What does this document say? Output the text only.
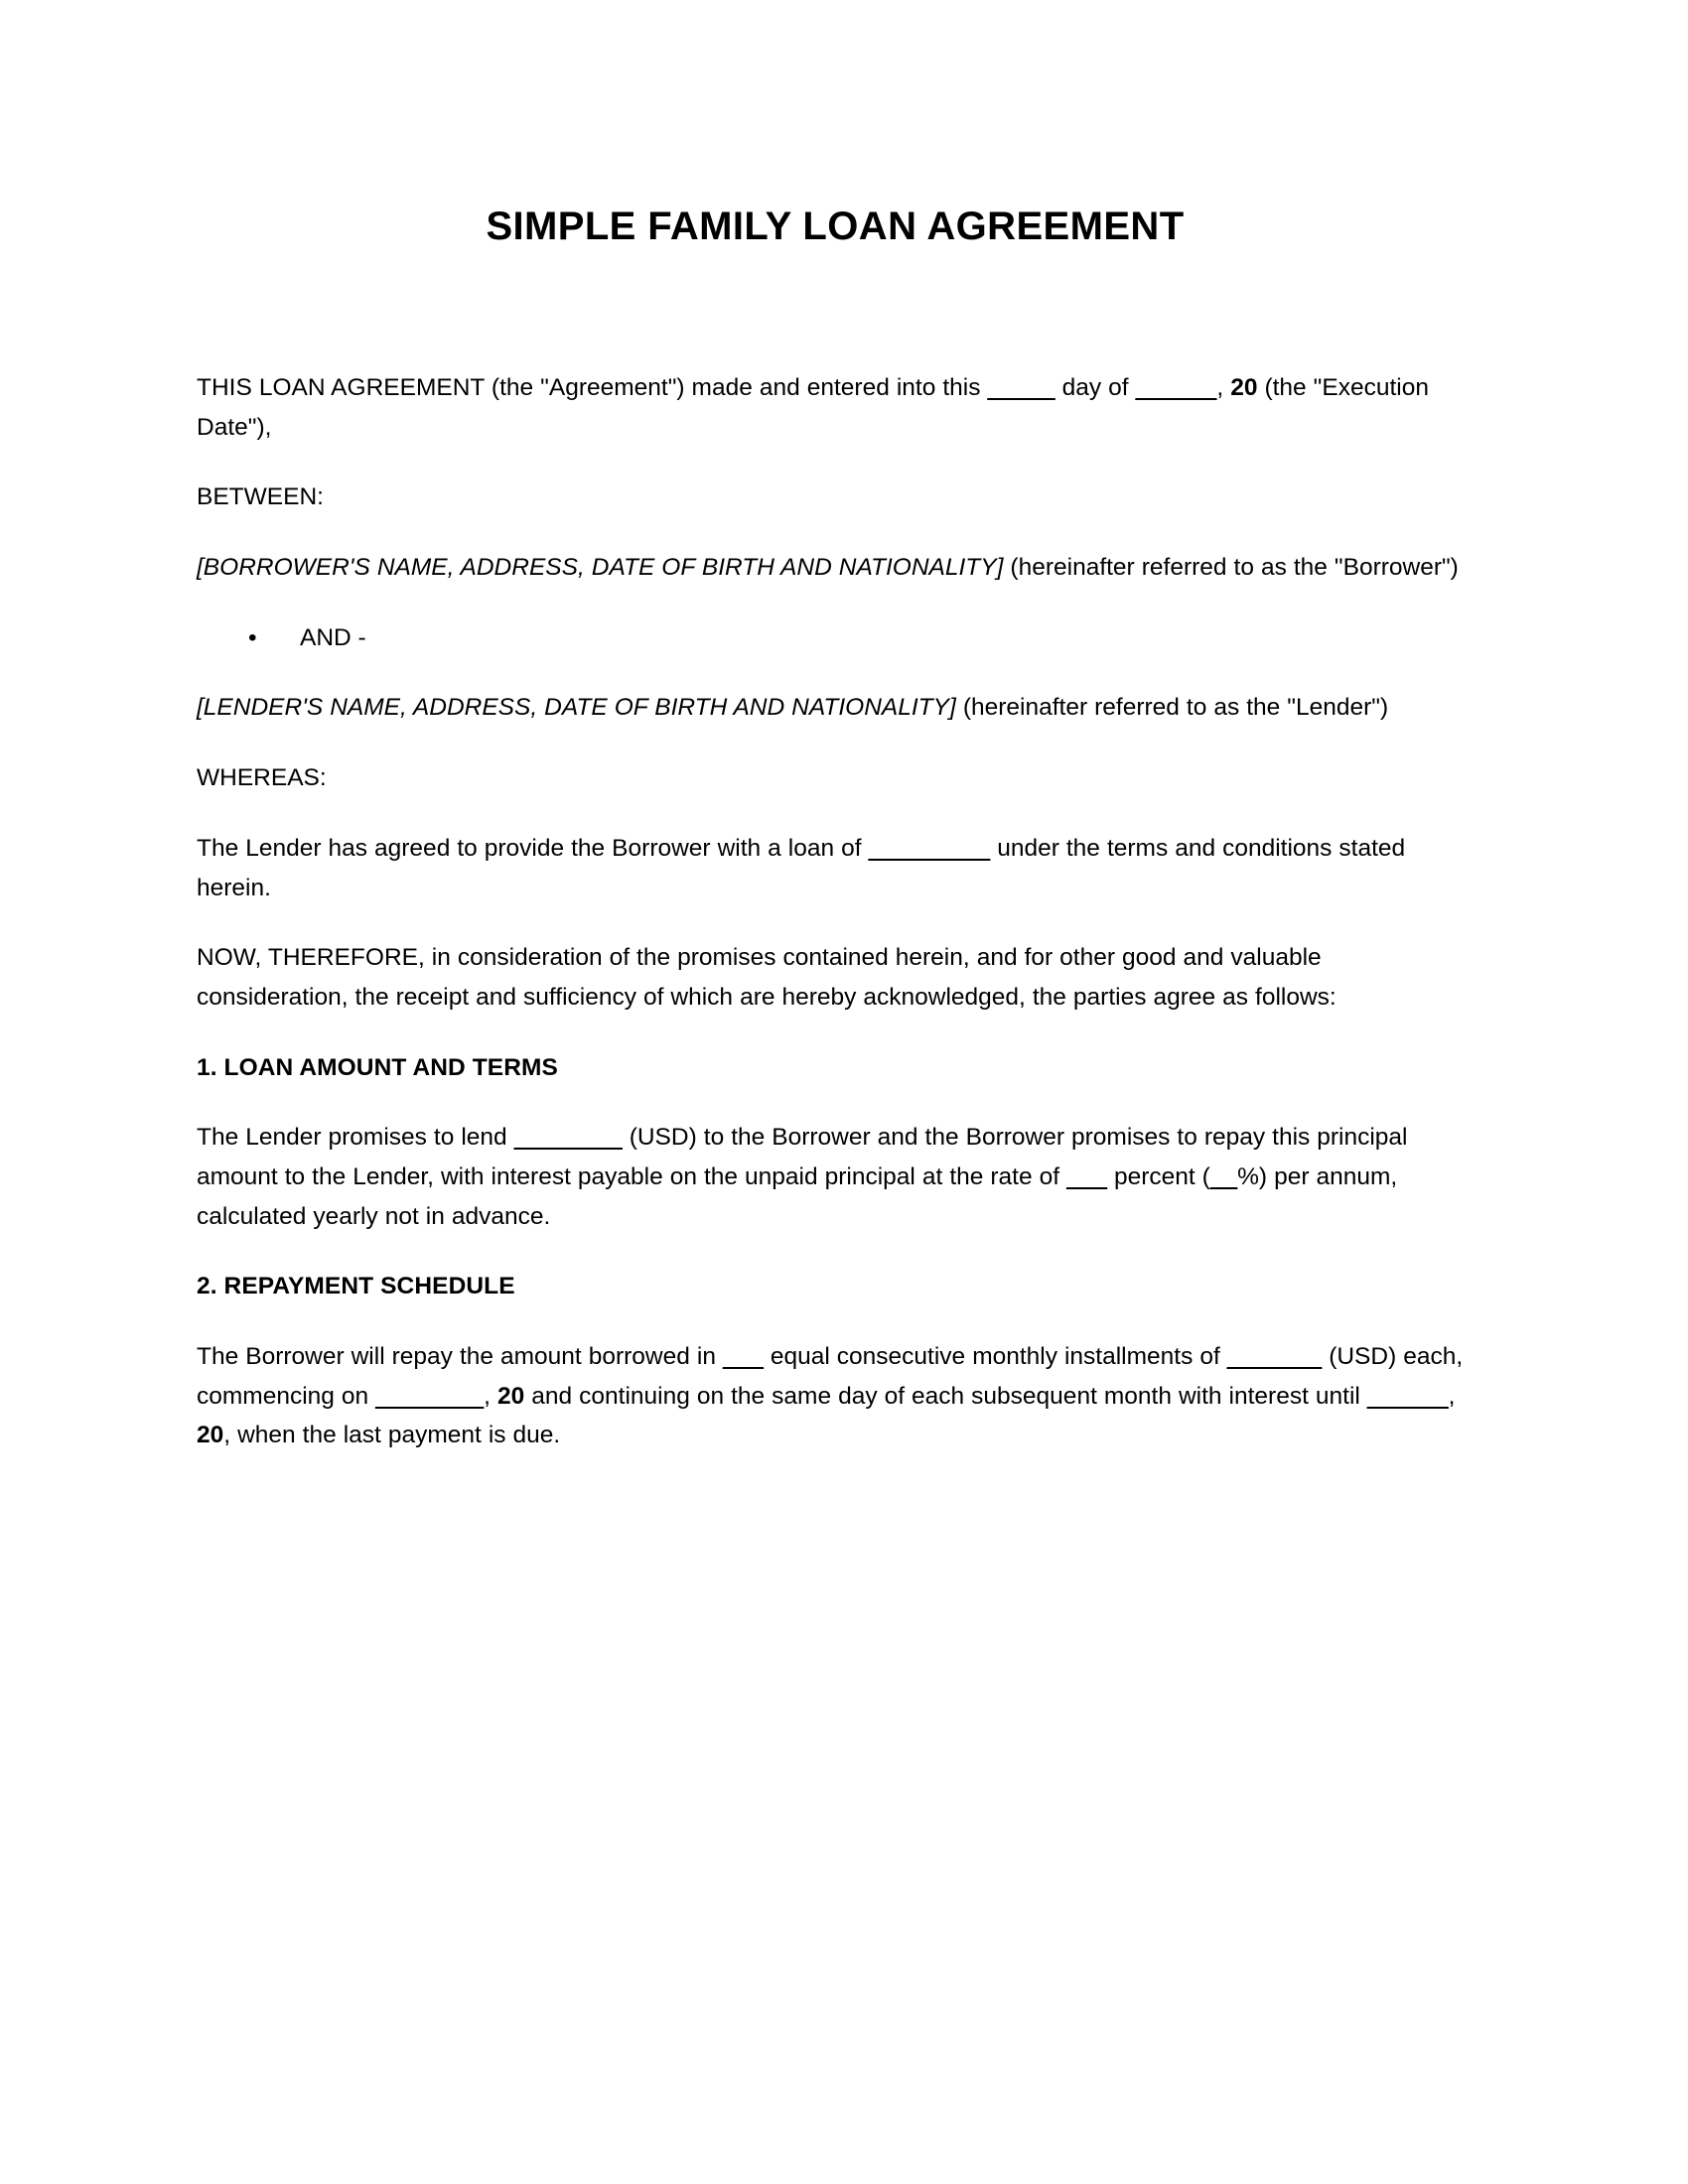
SIMPLE FAMILY LOAN AGREEMENT

THIS LOAN AGREEMENT (the "Agreement") made and entered into this _____ day of ______, 20 (the "Execution Date"),

BETWEEN:

[BORROWER'S NAME, ADDRESS, DATE OF BIRTH AND NATIONALITY] (hereinafter referred to as the "Borrower")

• AND -

[LENDER'S NAME, ADDRESS, DATE OF BIRTH AND NATIONALITY] (hereinafter referred to as the "Lender")

WHEREAS:

The Lender has agreed to provide the Borrower with a loan of _________ under the terms and conditions stated herein.

NOW, THEREFORE, in consideration of the promises contained herein, and for other good and valuable consideration, the receipt and sufficiency of which are hereby acknowledged, the parties agree as follows:

1. LOAN AMOUNT AND TERMS

The Lender promises to lend ________ (USD) to the Borrower and the Borrower promises to repay this principal amount to the Lender, with interest payable on the unpaid principal at the rate of ___ percent (__%) per annum, calculated yearly not in advance.

2. REPAYMENT SCHEDULE

The Borrower will repay the amount borrowed in ___ equal consecutive monthly installments of _______ (USD) each, commencing on ________, 20 and continuing on the same day of each subsequent month with interest until ______, 20, when the last payment is due.
